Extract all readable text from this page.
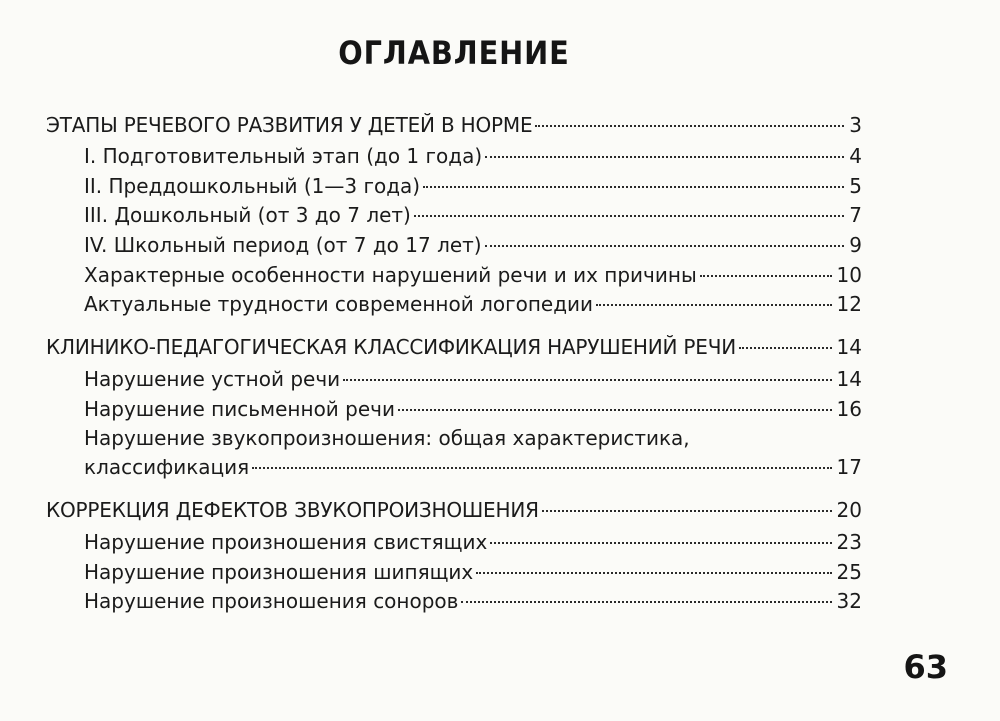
ОГЛАВЛЕНИЕ
ЭТАПЫ РЕЧЕВОГО РАЗВИТИЯ У ДЕТЕЙ В НОРМЕ	3
I. Подготовительный этап (до 1 года)	4
II. Преддошкольный (1—3 года)	5
III. Дошкольный (от 3 до 7 лет)	7
IV. Школьный период (от 7 до 17 лет)	9
Характерные особенности нарушений речи и их причины	10
Актуальные трудности современной логопедии	12
КЛИНИКО-ПЕДАГОГИЧЕСКАЯ КЛАССИФИКАЦИЯ НАРУШЕНИЙ РЕЧИ	14
Нарушение устной речи	14
Нарушение письменной речи	16
Нарушение звукопроизношения: общая характеристика,
классификация	17
КОРРЕКЦИЯ ДЕФЕКТОВ ЗВУКОПРОИЗНОШЕНИЯ	20
Нарушение произношения свистящих	23
Нарушение произношения шипящих	25
Нарушение произношения соноров	32
63
